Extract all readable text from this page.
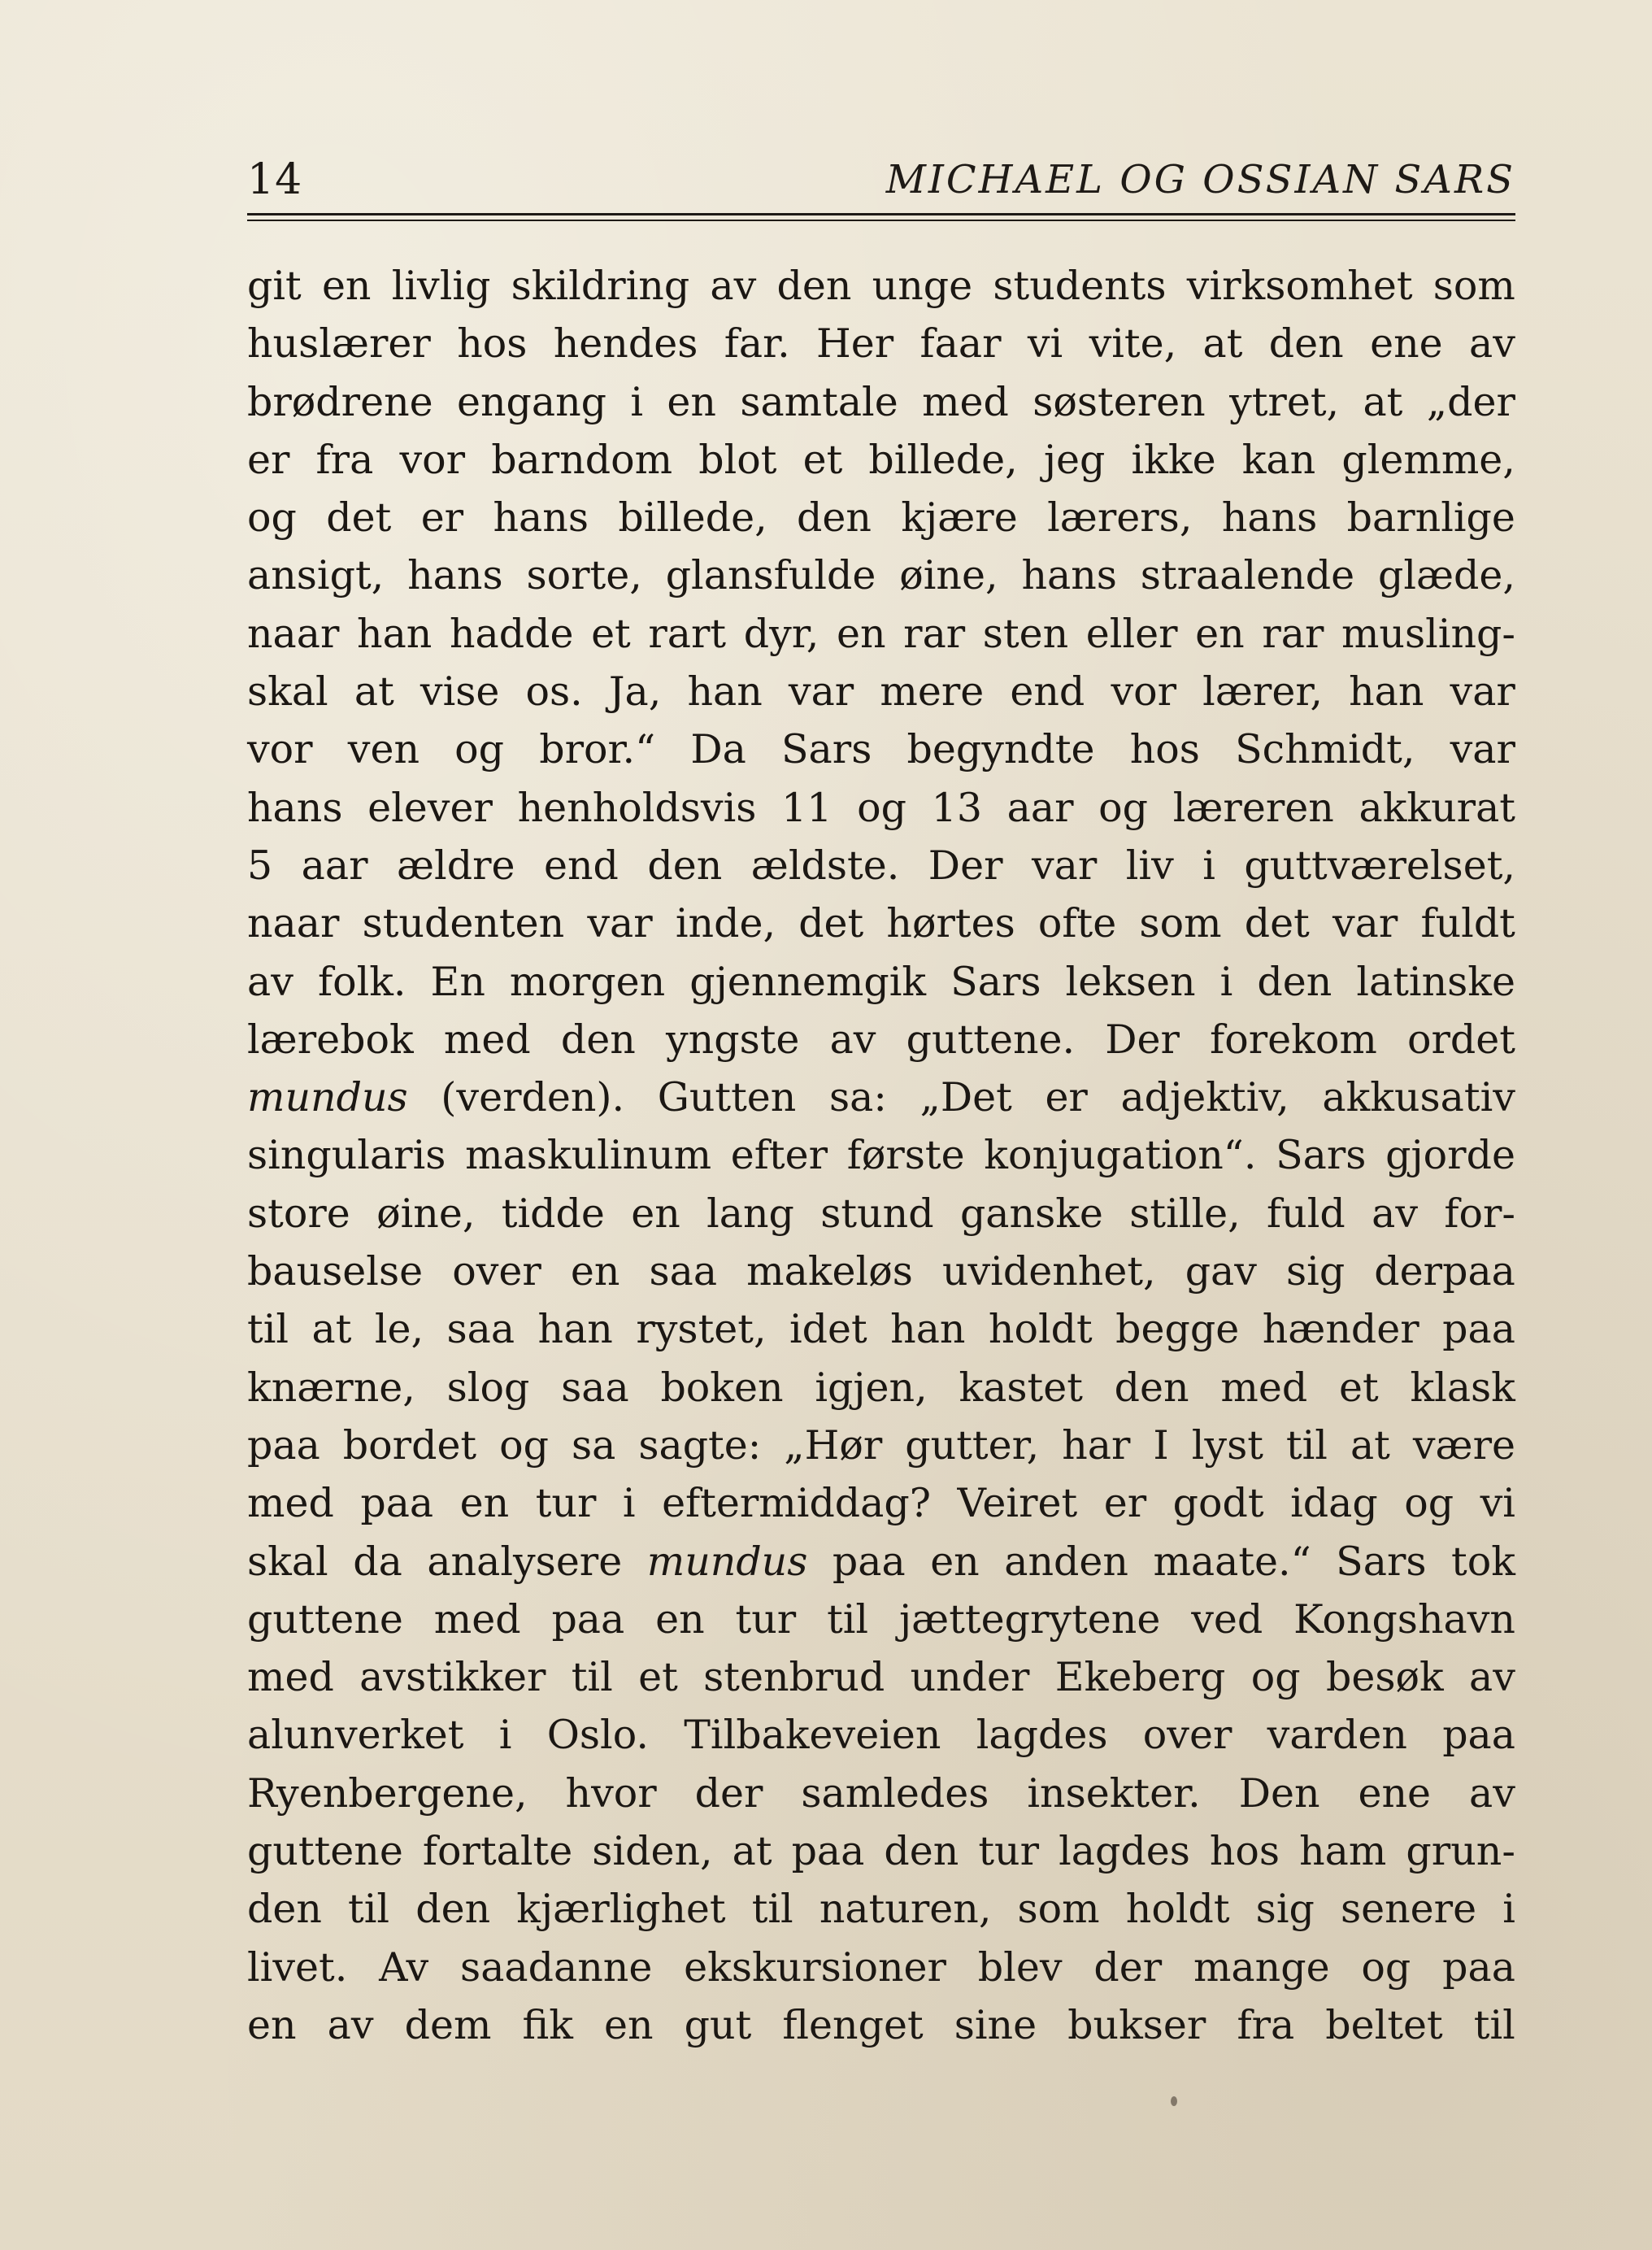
14	MICHAEL OG OSSIAN SARS
git en livlig skildring av den unge students virksomhet som
huslærer hos hendes far. Her faar vi vite, at den ene av
brødrene engang i en samtale med søsteren ytret, at „der
er fra vor barndom blot et billede, jeg ikke kan glemme,
og det er hans billede, den kjære lærers, hans barnlige
ansigt, hans sorte, glansfulde øine, hans straalende glæde,
naar han hadde et rart dyr, en rar sten eller en rar musling-
skal at vise os. Ja, han var mere end vor lærer, han var
vor ven og bror.“ Da Sars begyndte hos Schmidt, var
hans elever henholdsvis 11 og 13 aar og læreren akkurat
5 aar ældre end den ældste. Der var liv i guttværelset,
naar studenten var inde, det hørtes ofte som det var fuldt
av folk. En morgen gjennemgik Sars leksen i den latinske
lærebok med den yngste av guttene. Der forekom ordet
mundus (verden). Gutten sa: „Det er adjektiv, akkusativ
singularis maskulinum efter første konjugation“. Sars gjorde
store øine, tidde en lang stund ganske stille, fuld av for-
bauselse over en saa makeløs uvidenhet, gav sig derpaa
til at le, saa han rystet, idet han holdt begge hænder paa
knærne, slog saa boken igjen, kastet den med et klask
paa bordet og sa sagte: „Hør gutter, har I lyst til at være
med paa en tur i eftermiddag? Veiret er godt idag og vi
skal da analysere mundus paa en anden maate.“ Sars tok
guttene med paa en tur til jættegrytene ved Kongshavn
med avstikker til et stenbrud under Ekeberg og besøk av
alunverket i Oslo. Tilbakeveien lagdes over varden paa
Ryenbergene, hvor der samledes insekter. Den ene av
guttene fortalte siden, at paa den tur lagdes hos ham grun-
den til den kjærlighet til naturen, som holdt sig senere i
livet. Av saadanne ekskursioner blev der mange og paa
en av dem fik en gut flenget sine bukser fra beltet til
